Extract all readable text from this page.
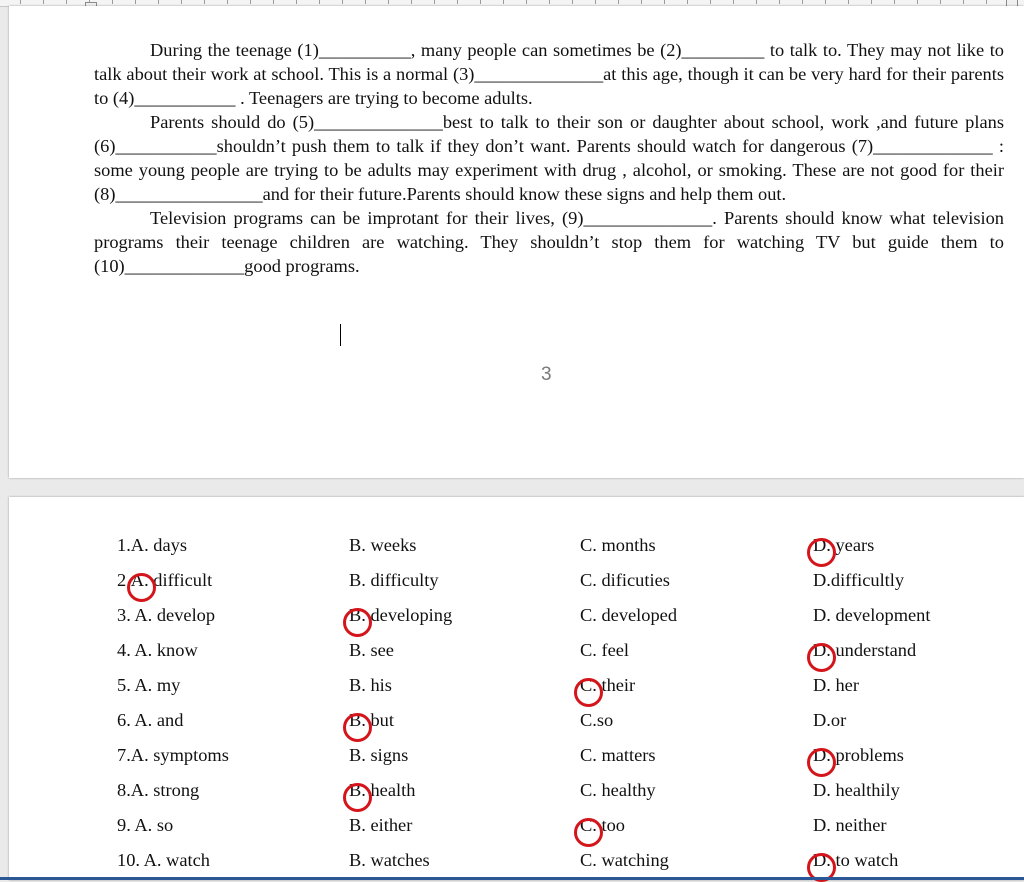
During the teenage (1)__________, many people can sometimes be (2)_________ to talk to. They may not like to talk about their work at school. This is a normal (3)______________at this age, though it can be very hard for their parents to (4)___________ . Teenagers are trying to become adults.

Parents should do (5)______________best to talk to their son or daughter about school, work ,and future plans (6)___________shouldn’t push them to talk if they don’t want. Parents should watch for dangerous (7)_____________ : some young people are trying to be adults may experiment with drug , alcohol, or smoking. These are not good for their (8)________________and for their future.Parents should know these signs and help them out.

Television programs can be improtant for their lives, (9)______________. Parents should know what television programs their teenage children are watching. They shouldn’t stop them for watching TV but guide them to (10)_____________good programs.

3
1.A. days	B. weeks	C. months	D. years
2.A. difficult	B. difficulty	C. dificuties	D.difficultly
3. A. develop	B. developing	C. developed	D. development
4. A. know	B. see	C. feel	D. understand
5. A. my	B. his	C. their	D. her
6. A. and	B. but	C.so	D.or
7.A. symptoms	B. signs	C. matters	D. problems
8.A. strong	B. health	C. healthy	D. healthily
9. A. so	B. either	C. too	D. neither
10. A. watch	B. watches	C. watching	D. to watch
